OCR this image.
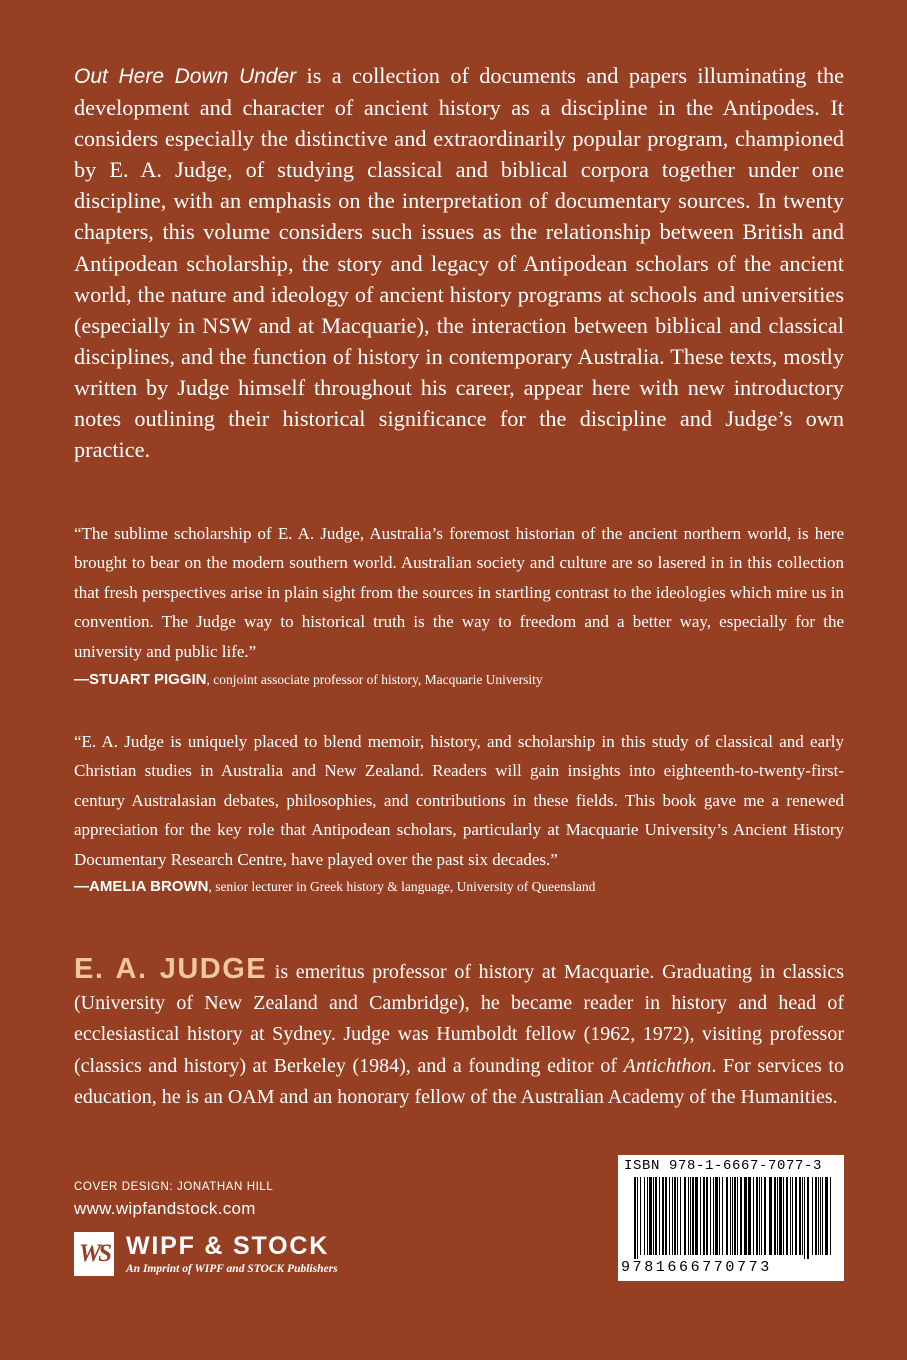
Out Here Down Under is a collection of documents and papers illuminating the development and character of ancient history as a discipline in the Antipodes. It considers especially the distinctive and extraordinarily popular program, championed by E. A. Judge, of studying classical and biblical corpora together under one discipline, with an emphasis on the interpretation of documentary sources. In twenty chapters, this volume considers such issues as the relationship between British and Antipodean scholarship, the story and legacy of Antipodean scholars of the ancient world, the nature and ideology of ancient history programs at schools and universities (especially in NSW and at Macquarie), the interaction between biblical and classical disciplines, and the function of history in contemporary Australia. These texts, mostly written by Judge himself throughout his career, appear here with new introductory notes outlining their historical significance for the discipline and Judge’s own practice.

“The sublime scholarship of E. A. Judge, Australia’s foremost historian of the ancient northern world, is here brought to bear on the modern southern world. Australian society and culture are so lasered in in this collection that fresh perspectives arise in plain sight from the sources in startling contrast to the ideologies which mire us in convention. The Judge way to historical truth is the way to freedom and a better way, especially for the university and public life.”

—STUART PIGGIN, conjoint associate professor of history, Macquarie University

“E. A. Judge is uniquely placed to blend memoir, history, and scholarship in this study of classical and early Christian studies in Australia and New Zealand. Readers will gain insights into eighteenth-to-twenty-first-century Australasian debates, philosophies, and contributions in these fields. This book gave me a renewed appreciation for the key role that Antipodean scholars, particularly at Macquarie University’s Ancient History Documentary Research Centre, have played over the past six decades.”

—AMELIA BROWN, senior lecturer in Greek history & language, University of Queensland

E. A. JUDGE is emeritus professor of history at Macquarie. Graduating in classics (University of New Zealand and Cambridge), he became reader in history and head of ecclesiastical history at Sydney. Judge was Humboldt fellow (1962, 1972), visiting professor (classics and history) at Berkeley (1984), and a founding editor of Antichthon. For services to education, he is an OAM and an honorary fellow of the Australian Academy of the Humanities.

COVER DESIGN: JONATHAN HILL

www.wipfandstock.com

WS WIPF & STOCK
An Imprint of WIPF and STOCK Publishers
ISBN 978-1-6667-7077-3
9781666770773
